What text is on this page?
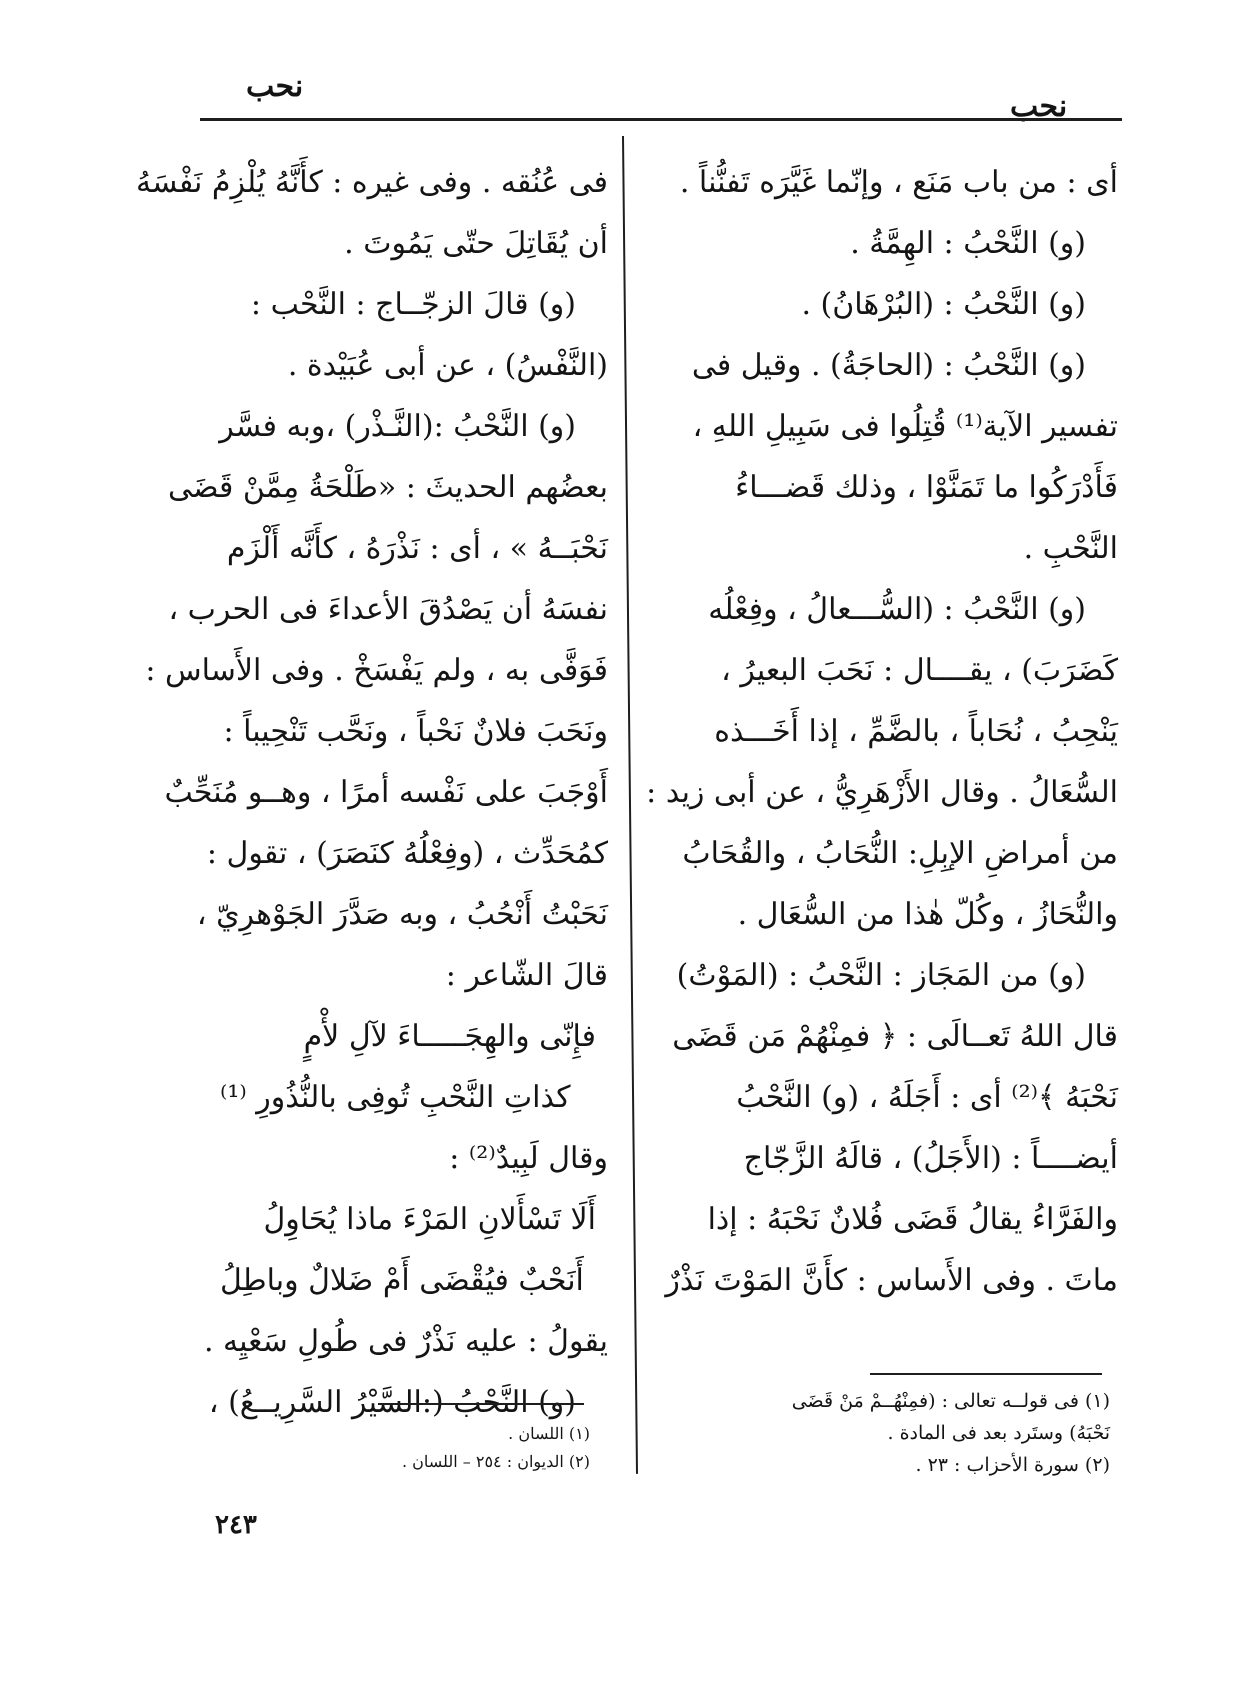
نحب
نحب
أى : من باب مَنَع ، وإنّما غَيَّرَه تَفنُّناً .
(و) النَّحْبُ : الهِمَّةُ .
(و) النَّحْبُ : (البُرْهَانُ) .
(و) النَّحْبُ : (الحاجَةُ) . وقيل فى
تفسير الآية⁽¹⁾ قُتِلُوا فى سَبِيلِ اللهِ ،
فَأَدْرَكُوا ما تَمَنَّوْا ، وذلك قَضـــاءُ
النَّحْبِ .
(و) النَّحْبُ : (السُّـــعالُ ، وفِعْلُه
كَضَرَبَ) ، يقــــال : نَحَبَ البعيرُ ،
يَنْحِبُ ، نُحَاباً ، بالضَّمِّ ، إذا أَخَـــذه
السُّعَالُ . وقال الأَزْهَرِيُّ ، عن أبى زيد :
من أمراضِ الإبِلِ: النُّحَابُ ، والقُحَابُ
والنُّحَازُ ، وكُلّ هٰذا من السُّعَال .
(و) من المَجَاز : النَّحْبُ : (المَوْتُ)
قال اللهُ تَعــالَى : ﴿ فمِنْهُمْ مَن قَضَى
نَحْبَهُ ﴾⁽²⁾ أى : أَجَلَهُ ، (و) النَّحْبُ
أيضــــاً : (الأَجَلُ) ، قالَهُ الزَّجّاج
والفَرَّاءُ يقالُ قَضَى فُلانٌ نَحْبَهُ : إذا
ماتَ . وفى الأَساس : كأَنَّ المَوْتَ نَذْرٌ
فى عُنُقه . وفى غيره : كأَنَّهُ يُلْزِمُ نَفْسَهُ
أن يُقَاتِلَ حتّى يَمُوتَ .
(و) قالَ الزجّــاج : النَّحْب :
(النَّفْسُ) ، عن أبى عُبَيْدة .
(و) النَّحْبُ :(النَّـذْر) ،وبه فسَّر
بعضُهم الحديثَ : «طَلْحَةُ مِمَّنْ قَضَى
نَحْبَــهُ » ، أى : نَذْرَهُ ، كأَنَّه أَلْزَم
نفسَهُ أن يَصْدُقَ الأعداءَ فى الحرب ،
فَوَفَّى به ، ولم يَفْسَخْ . وفى الأَساس :
ونَحَبَ فلانٌ نَحْباً ، ونَحَّب تَنْحِيباً :
أَوْجَبَ على نَفْسه أمرًا ، وهــو مُنَحِّبٌ
كمُحَدِّث ، (وفِعْلُهُ كنَصَرَ) ، تقول :
نَحَبْتُ أَنْحُبُ ، وبه صَدَّرَ الجَوْهرِيّ ،
قالَ الشّاعر :
فإِنّى والهِجَـــــاءَ لآلِ لأْمٍ
كذاتِ النَّحْبِ تُوفِى بالنُّذُورِ ⁽¹⁾
وقال لَبِيدٌ⁽²⁾ :
أَلَا تَسْأَلانِ المَرْءَ ماذا يُحَاوِلُ
أَنَحْبٌ فيُقْضَى أَمْ ضَلالٌ وباطِلُ
يقولُ : عليه نَذْرٌ فى طُولِ سَعْيِه .
(و) النَّحْبُ (:السَّيْرُ السَّرِيــعُ) ،	(١) فى قولــه تعالى : (فمِنْهُــمْ مَنْ قَضَى
نَحْبَهُ) وستَرد بعد فى المادة .
(٢) سورة الأحزاب : ٢٣ .
(١) اللسان .
(٢) الديوان : ٢٥٤ – اللسان .
٢٤٣
